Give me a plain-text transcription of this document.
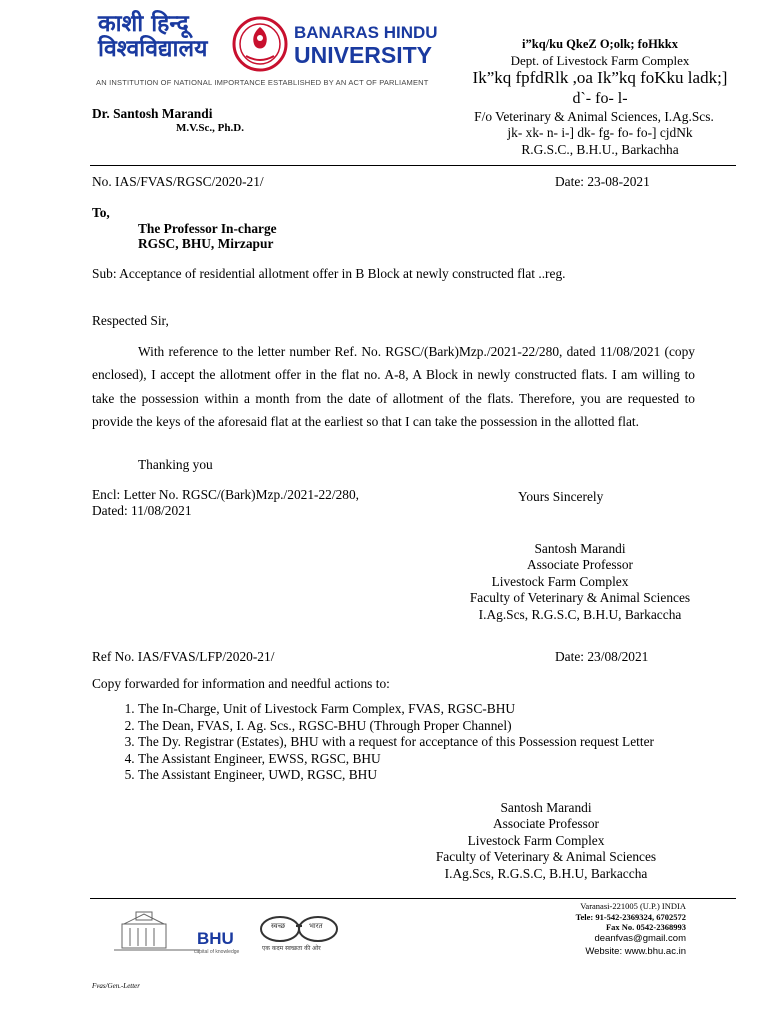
काशी हिन्दू
विश्वविद्यालय
BANARAS HINDU
UNIVERSITY
AN INSTITUTION OF NATIONAL IMPORTANCE ESTABLISHED BY AN ACT OF PARLIAMENT
Dr. Santosh Marandi
M.V.Sc., Ph.D.
i”kq/ku QkeZ O;olk; foHkkx
Dept. of Livestock Farm Complex
Ik”kq fpfdRlk ,oa Ik”kq foKku ladk;]
d`- fo- l-
F/o Veterinary & Animal Sciences, I.Ag.Scs.
jk- xk- n- i-] dk- fg- fo- fo-] cjdNk
R.G.S.C., B.H.U., Barkachha
No. IAS/FVAS/RGSC/2020-21/	Date: 23-08-2021
To,
The Professor In-charge
RGSC, BHU, Mirzapur
Sub: Acceptance of residential allotment offer in B Block at newly constructed flat ..reg.
Respected Sir,
With reference to the letter number Ref. No. RGSC/(Bark)Mzp./2021-22/280, dated 11/08/2021 (copy enclosed), I accept the allotment offer in the flat no. A-8, A Block in newly constructed flats. I am willing to take the possession within a month from the date of allotment of the flats. Therefore, you are requested to provide the keys of the aforesaid flat at the earliest so that I can take the possession in the allotted flat.
Thanking you
Encl: Letter No. RGSC/(Bark)Mzp./2021-22/280,
Dated: 11/08/2021
Yours Sincerely
Santosh Marandi
Associate Professor
Livestock Farm Complex
Faculty of Veterinary & Animal Sciences
I.Ag.Scs, R.G.S.C, B.H.U, Barkaccha
Ref No. IAS/FVAS/LFP/2020-21/	Date: 23/08/2021
Copy forwarded for information and needful actions to:
1. The In-Charge, Unit of Livestock Farm Complex, FVAS, RGSC-BHU
2. The Dean, FVAS, I. Ag. Scs., RGSC-BHU (Through Proper Channel)
3. The Dy. Registrar (Estates), BHU with a request for acceptance of this Possession request Letter
4. The Assistant Engineer, EWSS, RGSC, BHU
5. The Assistant Engineer, UWD, RGSC, BHU
Santosh Marandi
Associate Professor
Livestock Farm Complex
Faculty of Veterinary & Animal Sciences
I.Ag.Scs, R.G.S.C, B.H.U, Barkaccha
BHU
capital of knowledge
स्वच्छ	भारत
एक कदम स्वच्छता की ओर
Varanasi-221005 (U.P.) INDIA
Tele: 91-542-2369324, 6702572
Fax No. 0542-2368993
deanfvas@gmail.com
Website: www.bhu.ac.in
Fvas/Gen.-Letter
